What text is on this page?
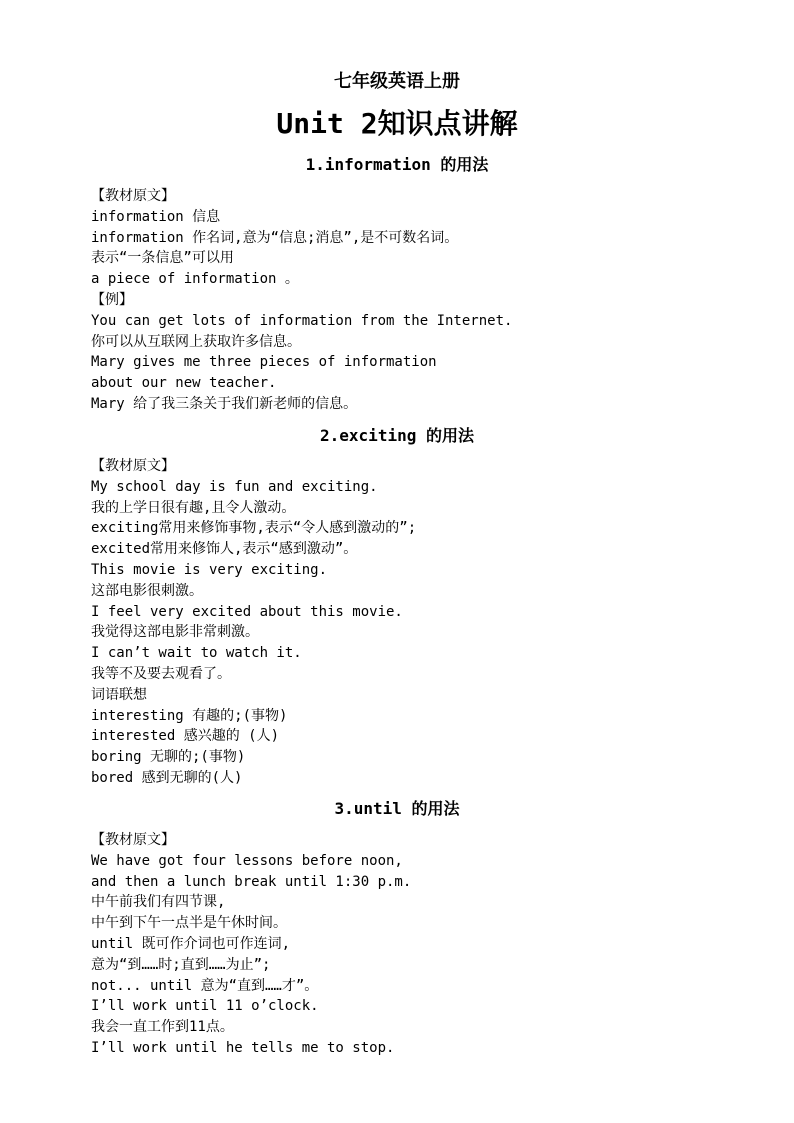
七年级英语上册
Unit 2知识点讲解
1.information 的用法
【教材原文】
information 信息
information 作名词,意为“信息;消息”,是不可数名词。
表示“一条信息”可以用
a piece of information 。
【例】
You can get lots of information from the Internet.
你可以从互联网上获取许多信息。
Mary gives me three pieces of information
about our new teacher.
Mary 给了我三条关于我们新老师的信息。
2.exciting 的用法
【教材原文】
My school day is fun and exciting.
我的上学日很有趣,且令人激动。
exciting常用来修饰事物,表示“令人感到激动的”;
excited常用来修饰人,表示“感到激动”。
This movie is very exciting.
这部电影很刺激。
I feel very excited about this movie.
我觉得这部电影非常刺激。
I can’t wait to watch it.
我等不及要去观看了。
词语联想
interesting 有趣的;(事物)
interested 感兴趣的 (人)
boring 无聊的;(事物)
bored 感到无聊的(人)
3.until 的用法
【教材原文】
We have got four lessons before noon,
and then a lunch break until 1:30 p.m.
中午前我们有四节课,
中午到下午一点半是午休时间。
until 既可作介词也可作连词,
意为“到……时;直到……为止”;
not... until 意为“直到……才”。
I’ll work until 11 o’clock.
我会一直工作到11点。
I’ll work until he tells me to stop.
